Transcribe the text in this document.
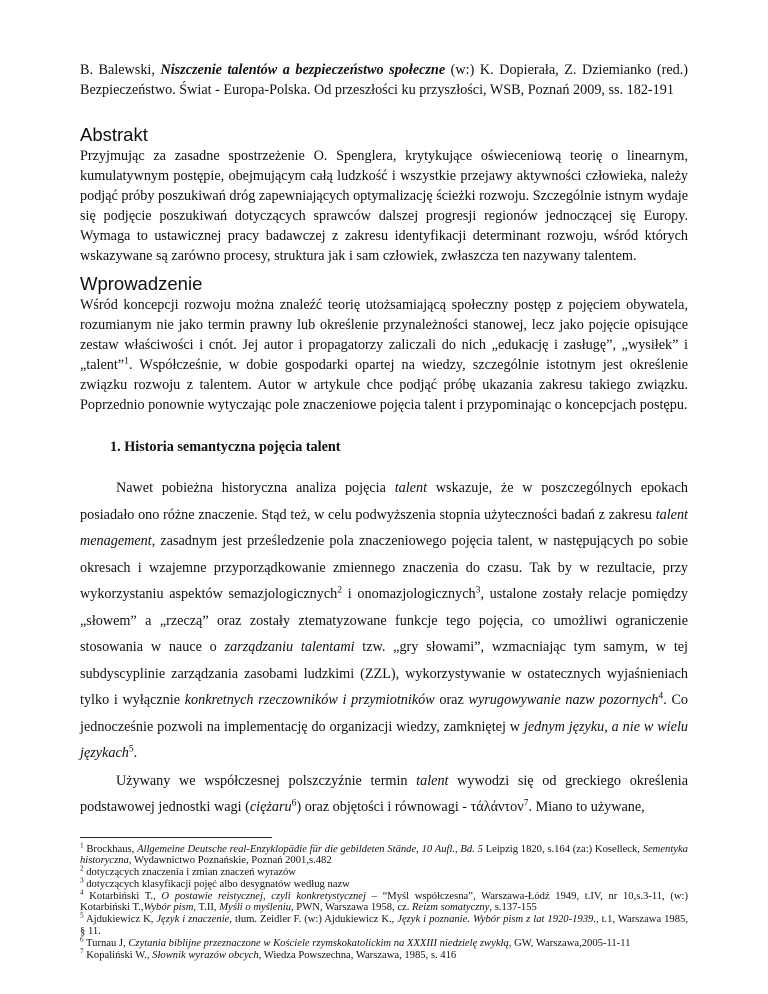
B. Balewski, Niszczenie talentów a bezpieczeństwo społeczne (w:) K. Dopierała, Z. Dziemianko (red.) Bezpieczeństwo. Świat - Europa-Polska. Od przeszłości ku przyszłości, WSB, Poznań 2009, ss. 182-191

Abstrakt

Przyjmując za zasadne spostrzeżenie O. Spenglera, krytykujące oświeceniową teorię o linearnym, kumulatywnym postępie, obejmującym całą ludzkość i wszystkie przejawy aktywności człowieka, należy podjąć próby poszukiwań dróg zapewniających optymalizację ścieżki rozwoju. Szczególnie istnym wydaje się podjęcie poszukiwań dotyczących sprawców dalszej progresji regionów jednoczącej się Europy. Wymaga to ustawicznej pracy badawczej z zakresu identyfikacji determinant rozwoju, wśród których wskazywane są zarówno procesy, struktura jak i sam człowiek, zwłaszcza ten nazywany talentem.

Wprowadzenie

Wśród koncepcji rozwoju można znaleźć teorię utożsamiającą społeczny postęp z pojęciem obywatela, rozumianym nie jako termin prawny lub określenie przynależności stanowej, lecz jako pojęcie opisujące zestaw właściwości i cnót. Jej autor i propagatorzy zaliczali do nich „edukację i zasługę”, „wysiłek” i „talent”$^1$. Współcześnie, w dobie gospodarki opartej na wiedzy, szczególnie istotnym jest określenie związku rozwoju z talentem. Autor w artykule chce podjąć próbę ukazania zakresu takiego związku. Poprzednio ponownie wytyczając pole znaczeniowe pojęcia talent i przypominając o koncepcjach postępu.

1. Historia semantyczna pojęcia talent

Nawet pobieżna historyczna analiza pojęcia talent wskazuje, że w poszczególnych epokach posiadało ono różne znaczenie. Stąd też, w celu podwyższenia stopnia użyteczności badań z zakresu talent menagement, zasadnym jest prześledzenie pola znaczeniowego pojęcia talent, w następujących po sobie okresach i wzajemne przyporządkowanie zmiennego znaczenia do czasu. Tak by w rezultacie, przy wykorzystaniu aspektów semazjologicznych$^2$ i onomazjologicznych$^3$, ustalone zostały relacje pomiędzy „słowem” a „rzeczą” oraz zostały ztematyzowane funkcje tego pojęcia, co umożliwi ograniczenie stosowania w nauce o zarządzaniu talentami tzw. „gry słowami”, wzmacniając tym samym, w tej subdyscyplinie zarządzania zasobami ludzkimi (ZZL), wykorzystywanie w ostatecznych wyjaśnieniach tylko i wyłącznie konkretnych rzeczowników i przymiotników oraz wyrugowywanie nazw pozornych$^4$. Co jednocześnie pozwoli na implementację do organizacji wiedzy, zamkniętej w jednym języku, a nie w wielu językach$^5$.

Używany we współczesnej polszczyźnie termin talent wywodzi się od greckiego określenia podstawowej jednostki wagi (ciężaru$^6$) oraz objętości i równowagi - τάλάντον$^7$. Miano to używane,

$^1$ Brockhaus, Allgemeine Deutsche real-Enzyklopädie für die gebildeten Stände, 10 Aufl., Bd. 5 Leipzig 1820, s.164 (za:) Koselleck, Sementyka historyczna, Wydawnictwo Poznańskie, Poznań 2001,s.482

$^2$ dotyczących znaczenia i zmian znaczeń wyrazów

$^3$ dotyczących klasyfikacji pojęć albo desygnatów według nazw

$^4$ Kotarbiński T., O postawie reistycznej, czyli konkretystycznej – “Myśl współczesna”, Warszawa-Łódź 1949, t.IV, nr 10,s.3-11, (w:) Kotarbiński T.,Wybór pism, T.II, Myśli o myśleniu, PWN, Warszawa 1958, cz. Reizm somatyczny, s.137-155

$^5$ Ajdukiewicz K, Język i znaczenie, tłum. Zeidler F. (w:) Ajdukiewicz K., Język i poznanie. Wybór pism z lat 1920-1939., t.1, Warszawa 1985, § 11.

$^6$ Turnau J, Czytania biblijne przeznaczone w Kościele rzymskokatolickim na XXXIII niedzielę zwykłą, GW, Warszawa,2005-11-11

$^7$ Kopaliński W., Słownik wyrazów obcych, Wiedza Powszechna, Warszawa, 1985, s. 416
